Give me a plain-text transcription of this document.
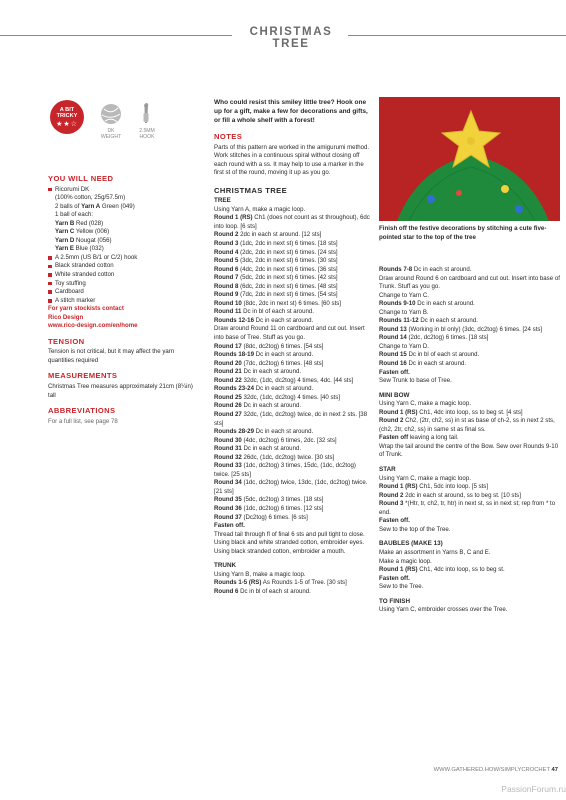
CHRISTMAS TREE
A BIT
TRICKY
★★☆
DK
WEIGHT
2.5MM
HOOK

YOU WILL NEED

Ricorumi DK

(100% cotton, 25g/57.5m)

2 balls of Yarn A Green (049)

1 ball of each:

Yarn B Red (028)

Yarn C Yellow (006)

Yarn D Nougat (056)

Yarn E Blue (032)

A 2.5mm (US B/1 or C/2) hook

Black stranded cotton

White stranded cotton

Toy stuffing

Cardboard

A stitch marker

For yarn stockists contact

Rico Design

www.rico-design.com/en/home

TENSION

Tension is not critical, but it may affect the yarn quantities required

MEASUREMENTS

Christmas Tree measures approximately 21cm (8¼in) tall

ABBREVIATIONS

For a full list, see page 78

Who could resist this smiley little tree? Hook one up for a gift, make a few for decorations and gifts, or fill a whole shelf with a forest!

NOTES

Parts of this pattern are worked in the amigurumi method. Work stitches in a continuous spiral without closing off each round with a ss. It may help to use a marker in the first st of the round, moving it up as you go.

CHRISTMAS TREE

TREE

Using Yarn A, make a magic loop.

Round 1 (RS) Ch1 (does not count as st throughout), 6dc into loop. [6 sts]

Round 2 2dc in each st around. [12 sts]

Round 3 (1dc, 2dc in next st) 6 times. [18 sts]

Round 4 (2dc, 2dc in next st) 6 times. [24 sts]

Round 5 (3dc, 2dc in next st) 6 times. [30 sts]

Round 6 (4dc, 2dc in next st) 6 times. [36 sts]

Round 7 (5dc, 2dc in next st) 6 times. [42 sts]

Round 8 (6dc, 2dc in next st) 6 times. [48 sts]

Round 9 (7dc, 2dc in next st) 6 times. [54 sts]

Round 10 (8dc, 2dc in next st) 6 times. [60 sts]

Round 11 Dc in bl of each st around.

Rounds 12-16 Dc in each st around.

Draw around Round 11 on cardboard and cut out. Insert into base of Tree. Stuff as you go.

Round 17 (8dc, dc2tog) 6 times. [54 sts]

Rounds 18-19 Dc in each st around.

Round 20 (7dc, dc2tog) 6 times. [48 sts]

Round 21 Dc in each st around.

Round 22 32dc, (1dc, dc2tog) 4 times, 4dc. [44 sts]

Rounds 23-24 Dc in each st around.

Round 25 32dc, (1dc, dc2tog) 4 times. [40 sts]

Round 26 Dc in each st around.

Round 27 32dc, (1dc, dc2tog) twice, dc in next 2 sts. [38 sts]

Rounds 28-29 Dc in each st around.

Round 30 (4dc, dc2tog) 6 times, 2dc. [32 sts]

Round 31 Dc in each st around.

Round 32 26dc, (1dc, dc2tog) twice. [30 sts]

Round 33 (1dc, dc2tog) 3 times, 15dc, (1dc, dc2tog) twice. [25 sts]

Round 34 (1dc, dc2tog) twice, 13dc, (1dc, dc2tog) twice. [21 sts]

Round 35 (5dc, dc2tog) 3 times. [18 sts]

Round 36 (1dc, dc2tog) 6 times. [12 sts]

Round 37 (Dc2tog) 6 times. [6 sts]

Fasten off.

Thread tail through fl of final 6 sts and pull tight to close.

Using black and white stranded cotton, embroider eyes. Using black stranded cotton, embroider a mouth.

TRUNK

Using Yarn B, make a magic loop.

Rounds 1-5 (RS) As Rounds 1-5 of Tree. [30 sts]

Round 6 Dc in bl of each st around.

Finish off the festive decorations by stitching a cute five-pointed star to the top of the tree

Rounds 7-8 Dc in each st around.

Draw around Round 6 on cardboard and cut out. Insert into base of Trunk. Stuff as you go.

Change to Yarn C.

Rounds 9-10 Dc in each st around.

Change to Yarn B.

Rounds 11-12 Dc in each st around.

Round 13 (Working in bl only) (3dc, dc2tog) 6 times. [24 sts]

Round 14 (2dc, dc2tog) 6 times. [18 sts]

Change to Yarn D.

Round 15 Dc in bl of each st around.

Round 16 Dc in each st around.

Fasten off.

Sew Trunk to base of Tree.

MINI BOW

Using Yarn C, make a magic loop.

Round 1 (RS) Ch1, 4dc into loop, ss to beg st. [4 sts]

Round 2 Ch2, (2tr, ch2, ss) in st as base of ch-2, ss in next 2 sts, (ch2, 2tr, ch2, ss) in same st as final ss.

Fasten off leaving a long tail.

Wrap the tail around the centre of the Bow. Sew over Rounds 9-10 of Trunk.

STAR

Using Yarn C, make a magic loop.

Round 1 (RS) Ch1, 5dc into loop. [5 sts]

Round 2 2dc in each st around, ss to beg st. [10 sts]

Round 3 *(Htr, tr, ch2, tr, htr) in next st, ss in next st; rep from * to end.

Fasten off.

Sew to the top of the Tree.

BAUBLES (MAKE 13)

Make an assortment in Yarns B, C and E.

Make a magic loop.

Round 1 (RS) Ch1, 4dc into loop, ss to beg st.

Fasten off.

Sew to the Tree.

TO FINISH

Using Yarn C, embroider crosses over the Tree.

WWW.GATHERED.HOW/SIMPLYCROCHET 47
PassionForum.ru
